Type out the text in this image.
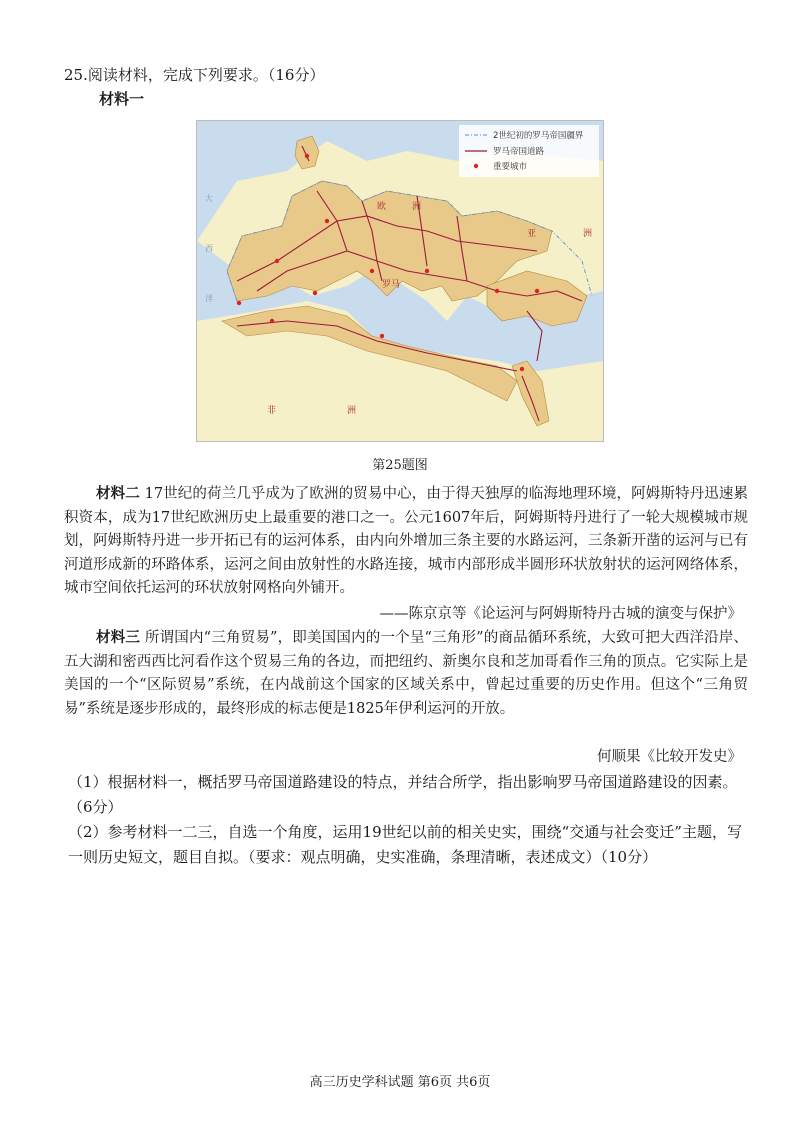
25.阅读材料，完成下列要求。（16分）
材料一
2世纪初的罗马帝国疆界
罗马帝国道路
重要城市
欧	洲
亚	洲
非	洲
罗马
大
西
洋
第25题图

材料二 17世纪的荷兰几乎成为了欧洲的贸易中心，由于得天独厚的临海地理环境，阿姆斯特丹迅速累积资本，成为17世纪欧洲历史上最重要的港口之一。公元1607年后，阿姆斯特丹进行了一轮大规模城市规划，阿姆斯特丹进一步开拓已有的运河体系，由内向外增加三条主要的水路运河，三条新开凿的运河与已有河道形成新的环路体系，运河之间由放射性的水路连接，城市内部形成半圆形环状放射状的运河网络体系，城市空间依托运河的环状放射网格向外铺开。

——陈京京等《论运河与阿姆斯特丹古城的演变与保护》

材料三 所谓国内“三角贸易”，即美国国内的一个呈“三角形”的商品循环系统，大致可把大西洋沿岸、五大湖和密西西比河看作这个贸易三角的各边，而把纽约、新奥尔良和芝加哥看作三角的顶点。它实际上是美国的一个“区际贸易”系统，在内战前这个国家的区域关系中，曾起过重要的历史作用。但这个“三角贸易”系统是逐步形成的，最终形成的标志便是1825年伊利运河的开放。

何顺果《比较开发史》

（1）根据材料一，概括罗马帝国道路建设的特点，并结合所学，指出影响罗马帝国道路建设的因素。（6分）

（2）参考材料一二三，自选一个角度，运用19世纪以前的相关史实，围绕“交通与社会变迁”主题，写一则历史短文，题目自拟。（要求：观点明确，史实准确，条理清晰，表述成文）（10分）

高三历史学科试题 第6页 共6页
